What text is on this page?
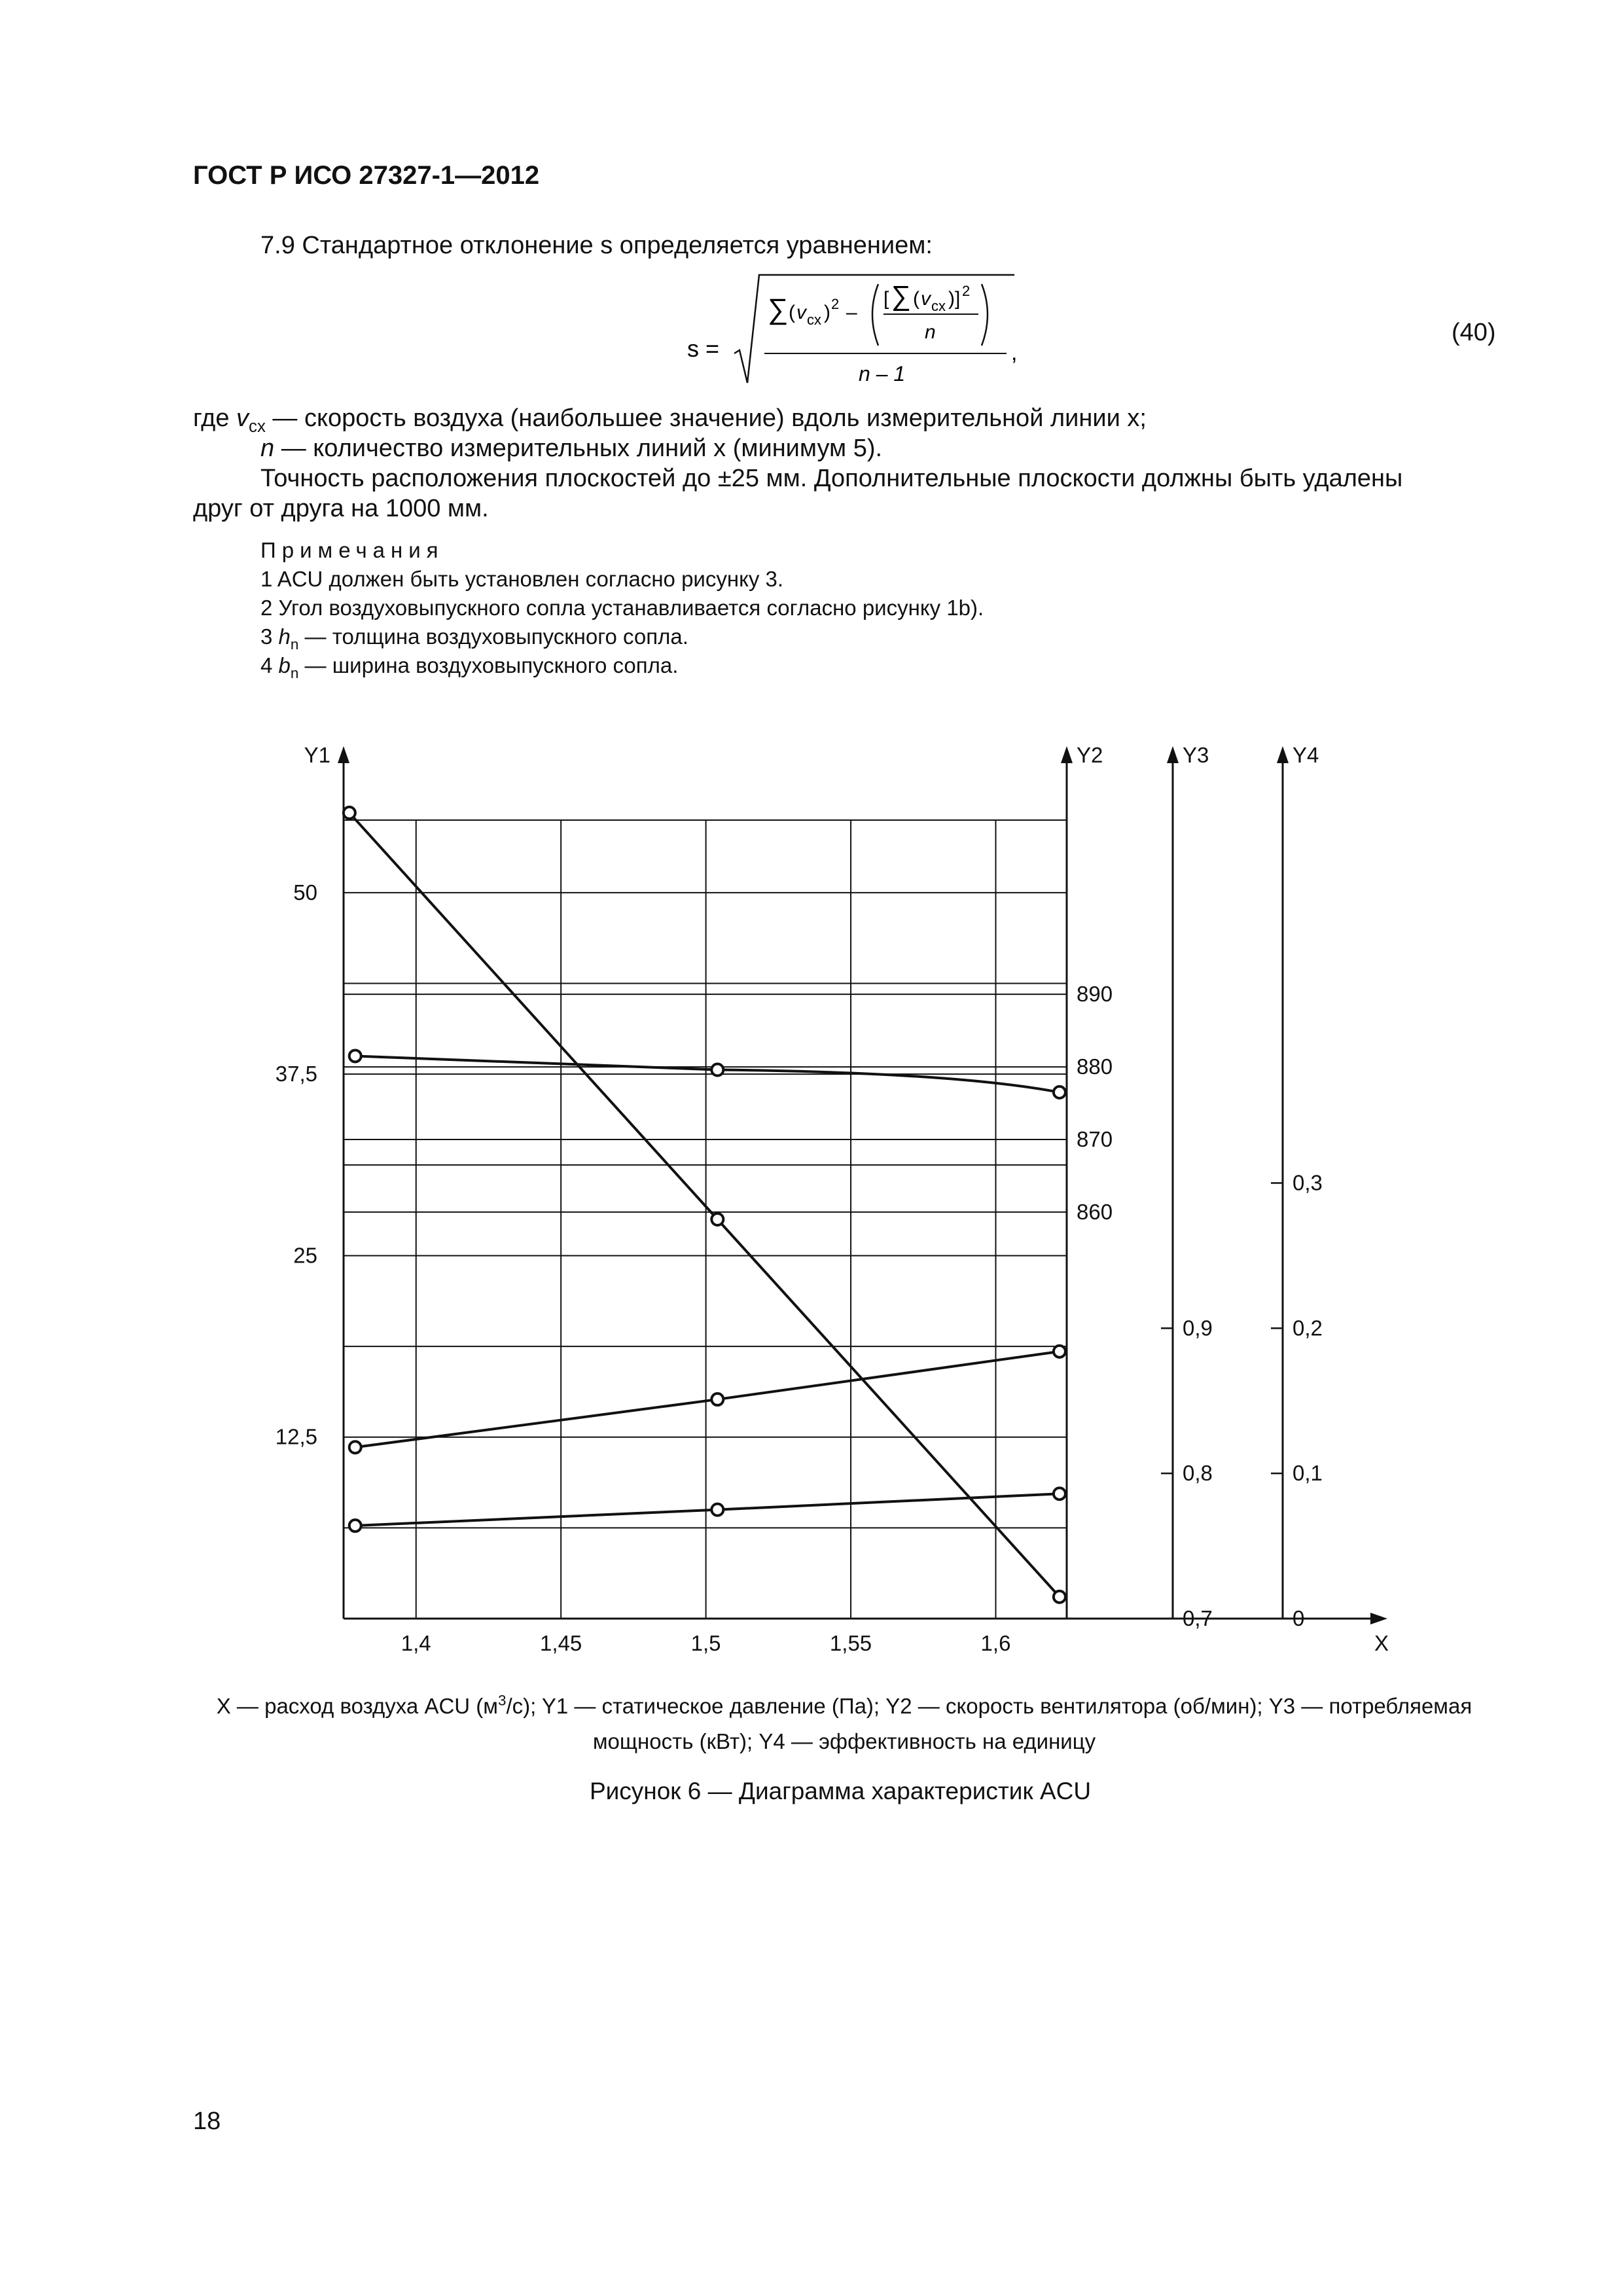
ГОСТ Р ИСО 27327-1—2012
7.9 Стандартное отклонение s определяется уравнением:
s =
∑ ( v cx ) 2 –
[ ∑ ( v cx )] 2
n
n – 1
,
(40)
где $v_{cx}$ — скорость воздуха (наибольшее значение) вдоль измерительной линии x;
n — количество измерительных линий x (минимум 5).
Точность расположения плоскостей до ±25 мм. Дополнительные плоскости должны быть удалены
друг от друга на 1000 мм.
Примечания
1 ACU должен быть установлен согласно рисунку 3.
2 Угол воздуховыпускного сопла устанавливается согласно рисунку 1b).
3 $h_n$ — толщина воздуховыпускного сопла.
4 $b_n$ — ширина воздуховыпускного сопла.
Y1	Y2	Y3	Y4
X
1,4	1,45	1,5	1,55	1,6
12,5
25
37,5
50
860
870
880
890
0,7
0,8
0,9
0
0,1
0,2
0,3
X — расход воздуха ACU $(м^3/с)$; Y1 — статическое давление (Па); Y2 — скорость вентилятора (об/мин); Y3 — потребляемая мощность (кВт); Y4 — эффективность на единицу
Рисунок 6 — Диаграмма характеристик ACU
18
